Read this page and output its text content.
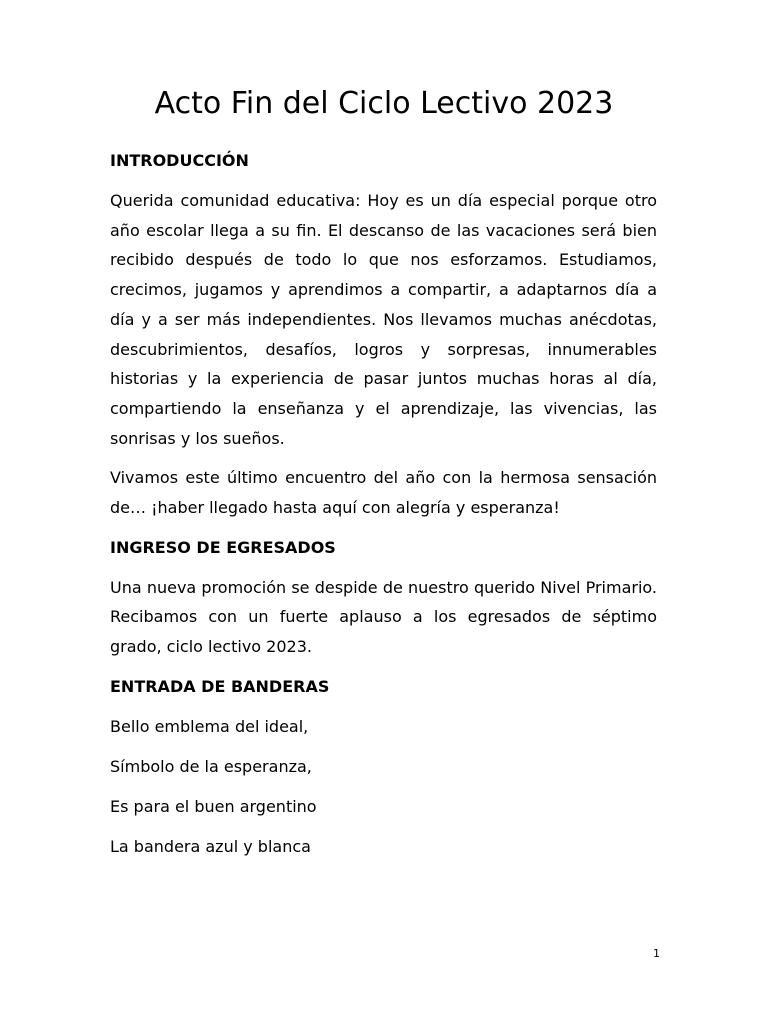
Acto Fin del Ciclo Lectivo 2023
INTRODUCCIÓN

Querida comunidad educativa: Hoy es un día especial porque otro año escolar llega a su fin. El descanso de las vacaciones será bien recibido después de todo lo que nos esforzamos. Estudiamos, crecimos, jugamos y aprendimos a compartir, a adaptarnos día a día y a ser más independientes. Nos llevamos muchas anécdotas, descubrimientos, desafíos, logros y sorpresas, innumerables historias y la experiencia de pasar juntos muchas horas al día, compartiendo la enseñanza y el aprendizaje, las vivencias, las sonrisas y los sueños.

Vivamos este último encuentro del año con la hermosa sensación de… ¡haber llegado hasta aquí con alegría y esperanza!

INGRESO DE EGRESADOS

Una nueva promoción se despide de nuestro querido Nivel Primario. Recibamos con un fuerte aplauso a los egresados de séptimo grado, ciclo lectivo 2023.

ENTRADA DE BANDERAS

Bello emblema del ideal,

Símbolo de la esperanza,

Es para el buen argentino

La bandera azul y blanca

1
